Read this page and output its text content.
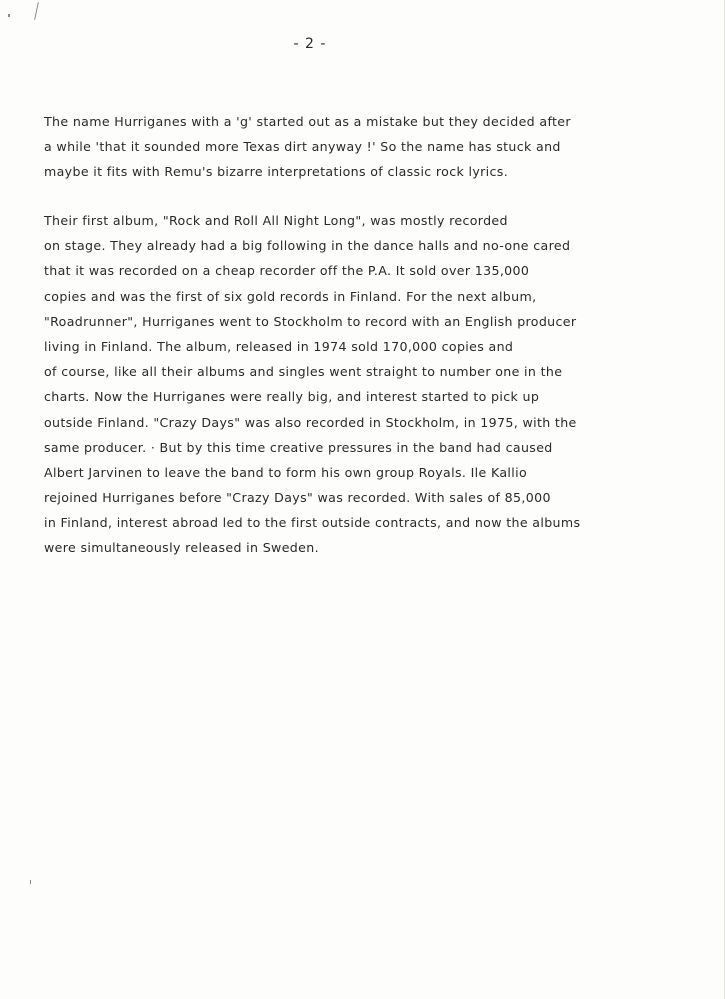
- 2 -

The name Hurriganes with a 'g' started out as a mistake but they decided after
a while 'that it sounded more Texas dirt anyway !' So the name has stuck and
maybe it fits with Remu's bizarre interpretations of classic rock lyrics.

Their first album, "Rock and Roll All Night Long", was mostly recorded
on stage. They already had a big following in the dance halls and no-one cared
that it was recorded on a cheap recorder off the P.A. It sold over 135,000
copies and was the first of six gold records in Finland. For the next album,
"Roadrunner", Hurriganes went to Stockholm to record with an English producer
living in Finland. The album, released in 1974 sold 170,000 copies and
of course, like all their albums and singles went straight to number one in the
charts. Now the Hurriganes were really big, and interest started to pick up
outside Finland. "Crazy Days" was also recorded in Stockholm, in 1975, with the
same producer. · But by this time creative pressures in the band had caused
Albert Jarvinen to leave the band to form his own group Royals. Ile Kallio
rejoined Hurriganes before "Crazy Days" was recorded. With sales of 85,000
in Finland, interest abroad led to the first outside contracts, and now the albums
were simultaneously released in Sweden.
